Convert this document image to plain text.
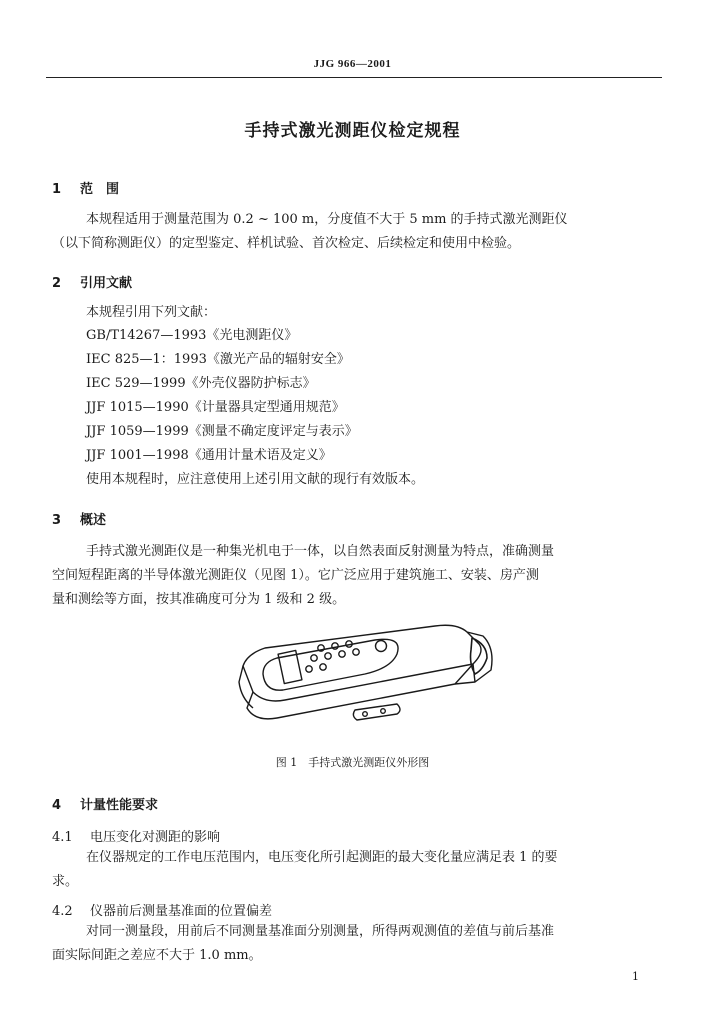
JJG 966—2001
手持式激光测距仪检定规程
1 范　围
本规程适用于测量范围为 0.2 ~ 100 m，分度值不大于 5 mm 的手持式激光测距仪
（以下简称测距仪）的定型鉴定、样机试验、首次检定、后续检定和使用中检验。
2 引用文献
本规程引用下列文献：
GB/T14267—1993《光电测距仪》
IEC 825—1：1993《激光产品的辐射安全》
IEC 529—1999《外壳仪器防护标志》
JJF 1015—1990《计量器具定型通用规范》
JJF 1059—1999《测量不确定度评定与表示》
JJF 1001—1998《通用计量术语及定义》
使用本规程时，应注意使用上述引用文献的现行有效版本。
3 概述
手持式激光测距仪是一种集光机电于一体，以自然表面反射测量为特点，准确测量
空间短程距离的半导体激光测距仪（见图 1）。它广泛应用于建筑施工、安装、房产测
量和测绘等方面，按其准确度可分为 1 级和 2 级。
图 1　手持式激光测距仪外形图
4 计量性能要求
4.1 电压变化对测距的影响
在仪器规定的工作电压范围内，电压变化所引起测距的最大变化量应满足表 1 的要
求。
4.2 仪器前后测量基准面的位置偏差
对同一测量段，用前后不同测量基准面分别测量，所得两观测值的差值与前后基准
面实际间距之差应不大于 1.0 mm。
1
